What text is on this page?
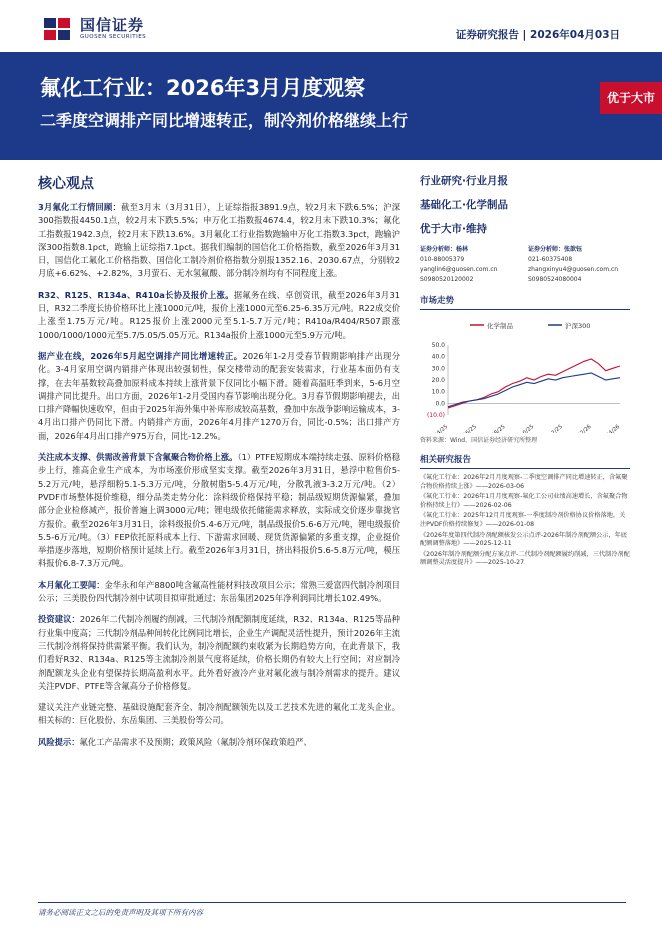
国信证券
GUOSEN SECURITIES	证券研究报告 | 2026年04月03日
氟化工行业：2026年3月月度观察
二季度空调排产同比增速转正，制冷剂价格继续上行
优于大市
核心观点
3月氟化工行情回顾：截至3月末（3月31日），上证综指报3891.9点，较2月末下跌6.5%；沪深300指数报4450.1点，较2月末下跌5.5%；申万化工指数报4674.4，较2月末下跌10.3%；氟化工指数报1942.3点，较2月末下跌13.6%。3月氟化工行业指数跑输申万化工指数3.3pct，跑输沪深300指数8.1pct，跑输上证综指7.1pct。据我们编制的国信化工价格指数，截至2026年3月31日，国信化工氟化工价格指数、国信化工制冷剂价格指数分别报1352.16、2030.67点，分别较2月底+6.62%、+2.82%，3月萤石、无水氢氟酸、部分制冷剂均有不同程度上涨。
R32、R125、R134a、R410a长协及报价上涨。据氟务在线、卓创资讯，截至2026年3月31日，R32二季度长协价格环比上涨1000元/吨，报价上涨1000元至6.25-6.35万元/吨。R22成交价上涨至1.75万元/吨。R125报价上涨2000元至5.1-5.7万元/吨；R410a/R404/R507跟涨1000/1000/1000元至5.7/5.05/5.05万元。R134a报价上涨1000元至5.9万元/吨。
据产业在线，2026年5月起空调排产同比增速转正。2026年1-2月受春节假期影响排产出现分化。3-4月家用空调内销排产体现出较强韧性，保交楼带动的配套安装需求，行业基本面仍有支撑，在去年基数较高叠加原料成本持续上涨背景下仅同比小幅下滑。随着高温旺季到来，5-6月空调排产同比提升。出口方面，2026年1-2月受国内春节影响出现分化。3月春节假期影响褪去，出口排产降幅快速收窄，但由于2025年海外集中补库形成较高基数，叠加中东战争影响运输成本，3-4月出口排产仍同比下滑。内销排产方面，2026年4月排产1270万台，同比-0.5%；出口排产方面，2026年4月出口排产975万台，同比-12.2%。
关注成本支撑、供需改善背景下含氟聚合物价格上涨。（1）PTFE短期成本端持续走强、原料价格稳步上行，推高企业生产成本，为市场涨价形成坚实支撑。截至2026年3月31日，悬浮中粒售价5-5.2万元/吨，悬浮细粉5.1-5.3万元/吨，分散树脂5-5.4万元/吨，分散乳液3-3.2万元/吨。（2）PVDF市场整体挺价维稳，细分品类走势分化：涂料级价格保持平稳；制品级短期货源偏紧，叠加部分企业检修减产，报价普遍上调3000元/吨；锂电级依托储能需求释放，实际成交价逐步靠拢官方报价。截至2026年3月31日，涂料级报价5.4-6万元/吨，制品级报价5.6-6万元/吨，锂电级报价5.5-6万元/吨。（3）FEP依托原料成本上行、下游需求回暖、现货货源偏紧的多重支撑，企业挺价举措逐步落地，短期价格预计延续上行。截至2026年3月31日，挤出料报价5.6-5.8万元/吨，模压料报价6.8-7.3万元/吨。
本月氟化工要闻：金华永和年产8800吨含氟高性能材料技改项目公示；常熟三爱富四代制冷剂项目公示；三美股份四代制冷剂中试项目拟审批通过；东岳集团2025年净利润同比增长102.49%。
投资建议：2026年二代制冷剂履约削减，三代制冷剂配额制度延续，R32、R134a、R125等品种行业集中度高；三代制冷剂品种间转化比例同比增长，企业生产调配灵活性提升，预计2026年主流三代制冷剂将保持供需紧平衡。我们认为，制冷剂配额约束收紧为长期趋势方向，在此背景下，我们看好R32、R134a、R125等主流制冷剂景气度将延续，价格长期仍有较大上行空间；对应制冷剂配额龙头企业有望保持长期高盈利水平。此外看好液冷产业对氟化液与制冷剂需求的提升。建议关注PVDF、PTFE等含氟高分子价格修复。
建议关注产业链完整、基础设施配套齐全、制冷剂配额领先以及工艺技术先进的氟化工龙头企业。相关标的：巨化股份、东岳集团、三美股份等公司。
风险提示：氟化工产品需求不及预期；政策风险（氟制冷剂环保政策趋严、
行业研究·行业月报
基础化工·化学制品
优于大市·维持
证券分析师：杨林
010-88005379
yanglin6@guosen.com.cn
S0980520120002
证券分析师：张歆钰
021-60375408
zhangxinyu4@guosen.com.cn
S0980524080004
市场走势
化学制品	沪深300
50.0
40.0
30.0
20.0
10.0
0.0
(10.0)
04/25 06/25 08/25 10/25 12/25 02/26 04/26
资料来源：Wind、国信证券经济研究所整理
相关研究报告
《氟化工行业：2026年2月月度观察-二季度空调排产同比增速转正，含氟聚合物价格持续上涨》——2026-03-06
《氟化工行业：2026年1月月度观察-氟化工公司业绩高速增长，含氟聚合物价格持续上行》——2026-02-06
《氟化工行业：2025年12月月度观察-一季度制冷剂价格协议价格落地，关注PVDF价格持续修复》——2026-01-08
《2026年度第四代制冷剂配额核发公示点评-2026年制冷剂配额公示，年底配额调整落地》——2025-12-11
《2026年制冷剂配额分配方案点评-二代制冷剂配额履约削减，三代制冷剂配额调整灵活度提升》——2025-10-27
请务必阅读正文之后的免责声明及其项下所有内容
